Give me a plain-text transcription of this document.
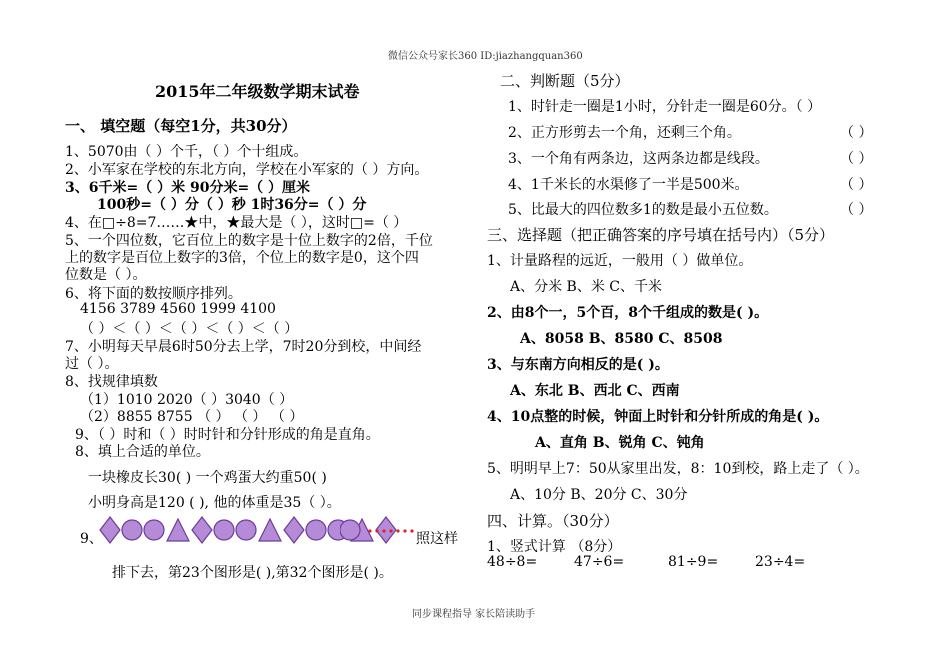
微信公众号家长360 ID:jiazhangquan360
2015年二年级数学期末试卷
一、 填空题（每空1分，共30分）
1、5070由（ ）个千，（ ）个十组成。
2、小军家在学校的东北方向，学校在小军家的（ ）方向。
3、6千米=（ ）米 90分米=（ ）厘米
100秒=（ ）分（ ）秒 1时36分=（ ）分
4、在□÷8=7……★中，★最大是（ ），这时□=（ ）
5、一个四位数，它百位上的数字是十位上数字的2倍，千位
上的数字是百位上数字的3倍，个位上的数字是0，这个四
位数是（ ）。
6、将下面的数按顺序排列。
4156 3789 4560 1999 4100
（ ）＜（ ）＜（ ）＜（ ）＜（ ）
7、小明每天早晨6时50分去上学，7时20分到校，中间经
过（ ）。
8、找规律填数
（1）1010 2020（ ）3040（ ）
（2）8855 8755 （ ） （ ） （ ）
9、（ ）时和（ ）时时针和分针形成的角是直角。
8、填上合适的单位。
一块橡皮长30( ) 一个鸡蛋大约重50( )
小明身高是120 ( ), 他的体重是35（ ）。
9、	照这样
排下去，第23个图形是( ),第32个图形是( )。
二、判断题（5分）
1、时针走一圈是1小时，分针走一圈是60分。（ ）
2、正方形剪去一个角，还剩三个角。	（ ）
3、一个角有两条边，这两条边都是线段。	（ ）
4、1千米长的水渠修了一半是500米。	（ ）
5、比最大的四位数多1的数是最小五位数。	（ ）
三、选择题（把正确答案的序号填在括号内）（5分）
1、计量路程的远近，一般用（ ）做单位。
A、分米 B、米 C、千米
2、由8个一，5个百，8个千组成的数是( )。
A、8058 B、8580 C、8508
3、与东南方向相反的是( )。
A、东北 B、西北 C、西南
4、10点整的时候，钟面上时针和分针所成的角是( )。
A、直角 B、锐角 C、钝角
5、明明早上7：50从家里出发，8：10到校，路上走了（ ）。
A、10分 B、20分 C、30分
四、计算。（30分）
1、竖式计算 （8分）
48÷8=	47÷6=	81÷9=	23÷4=
同步课程指导 家长陪读助手
